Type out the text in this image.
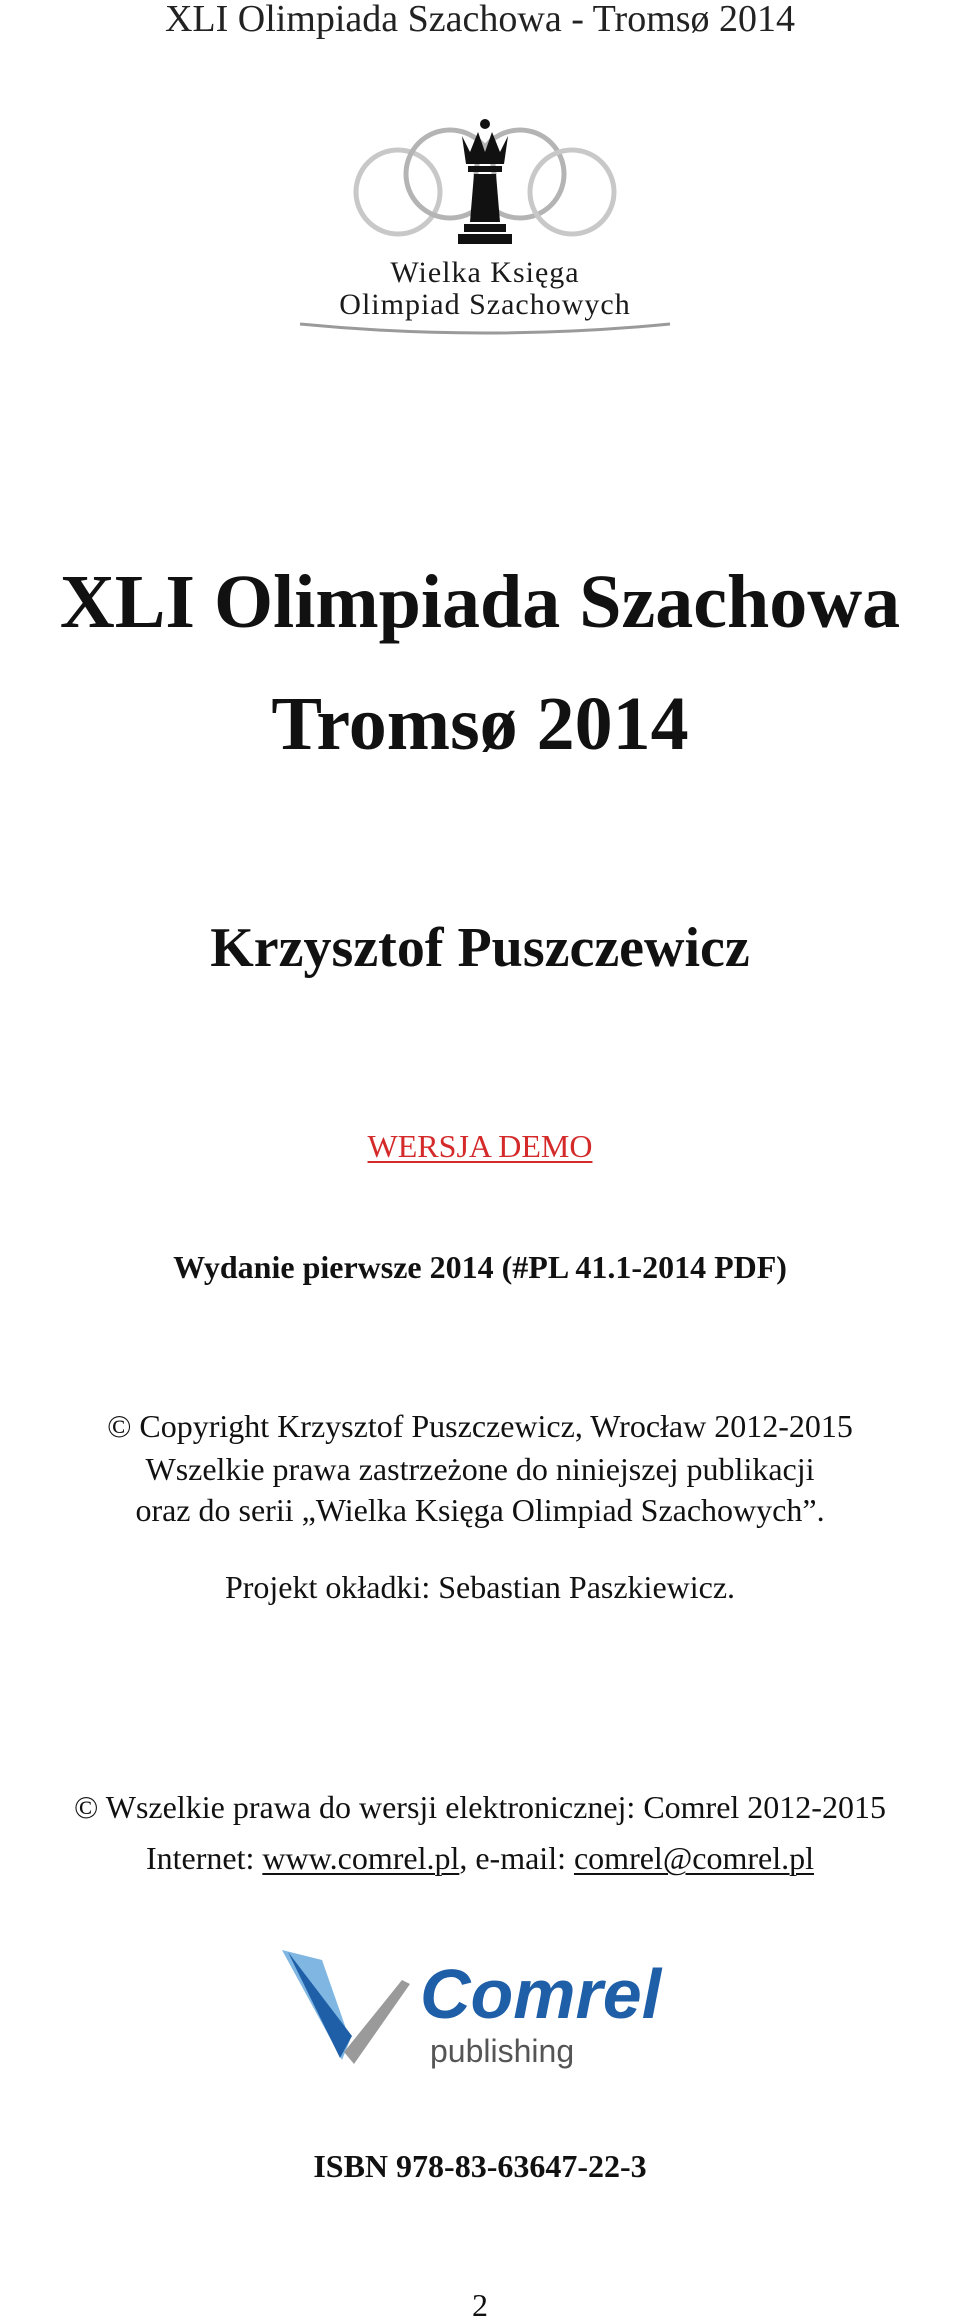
XLI Olimpiada Szachowa - Tromsø 2014
Wielka Księga
Olimpiad Szachowych
XLI Olimpiada Szachowa
Tromsø 2014
Krzysztof Puszczewicz
WERSJA DEMO
Wydanie pierwsze 2014 (#PL 41.1-2014 PDF)
© Copyright Krzysztof Puszczewicz, Wrocław 2012-2015
Wszelkie prawa zastrzeżone do niniejszej publikacji
oraz do serii „Wielka Księga Olimpiad Szachowych”.
Projekt okładki: Sebastian Paszkiewicz.
© Wszelkie prawa do wersji elektronicznej: Comrel 2012-2015
Internet: www.comrel.pl, e-mail: comrel@comrel.pl
Comrel
publishing
ISBN 978-83-63647-22-3
2
